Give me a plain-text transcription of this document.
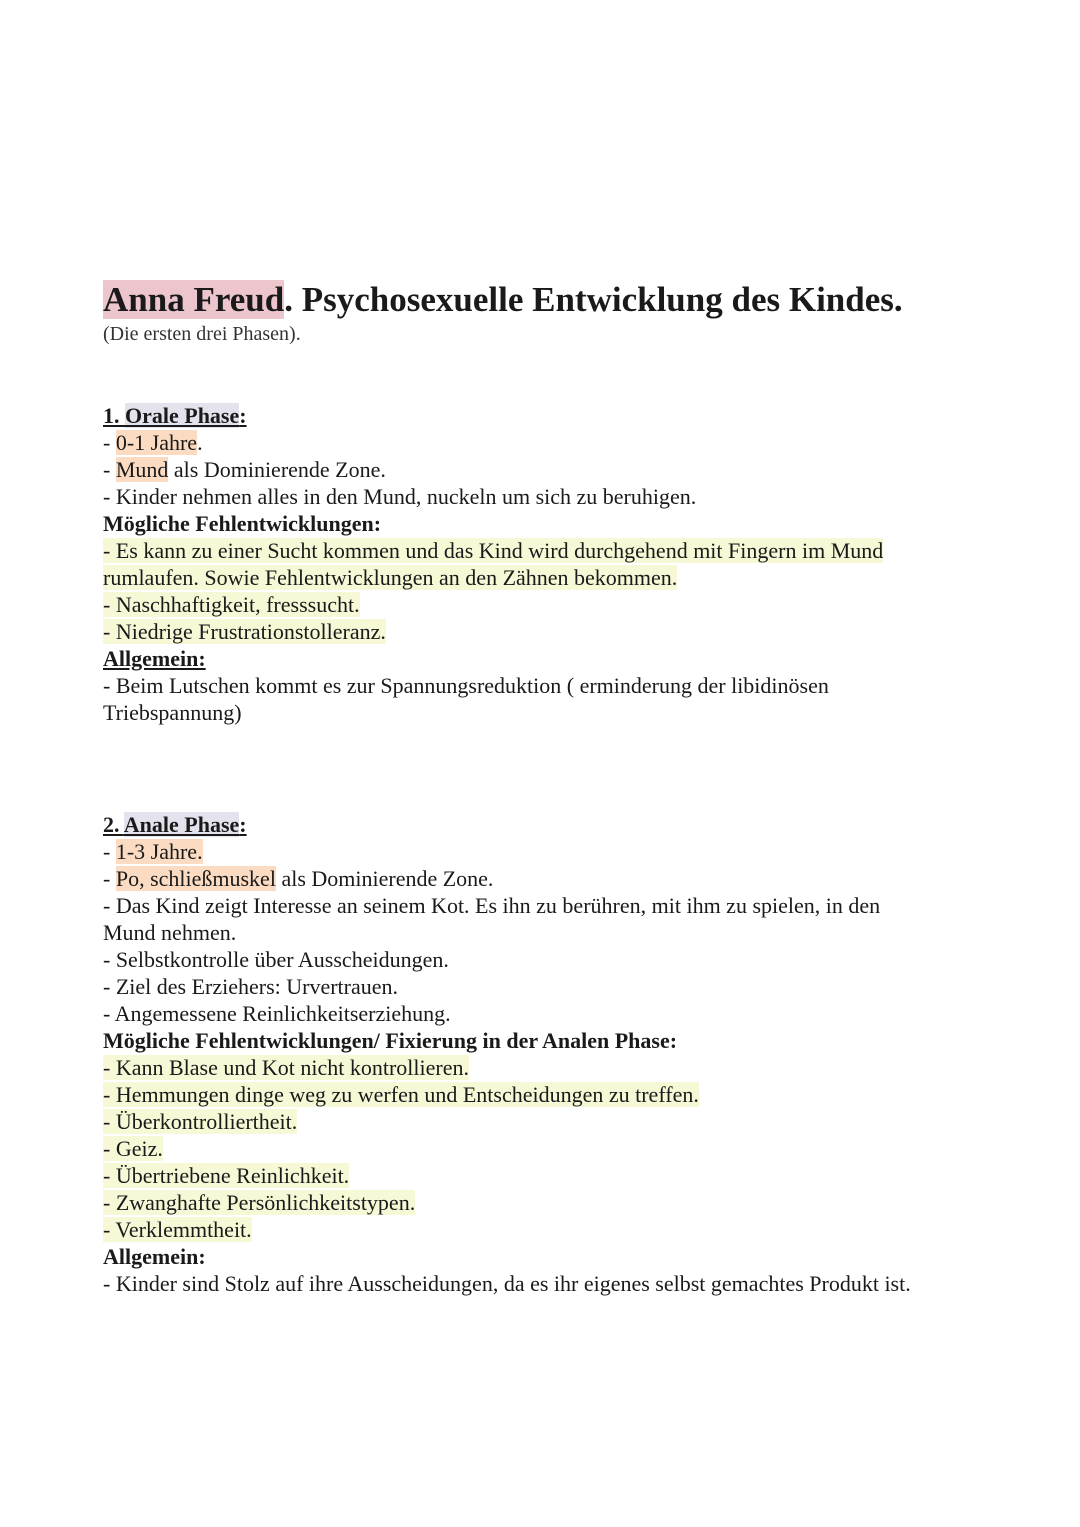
Anna Freud. Psychosexuelle Entwicklung des Kindes.

(Die ersten drei Phasen).

1. Orale Phase:

- 0-1 Jahre.

- Mund als Dominierende Zone.

- Kinder nehmen alles in den Mund, nuckeln um sich zu beruhigen.

Mögliche Fehlentwicklungen:

- Es kann zu einer Sucht kommen und das Kind wird durchgehend mit Fingern im Mund

rumlaufen. Sowie Fehlentwicklungen an den Zähnen bekommen.

- Naschhaftigkeit, fresssucht.

- Niedrige Frustrationstolleranz.

Allgemein:

- Beim Lutschen kommt es zur Spannungsreduktion ( erminderung der libidinösen

Triebspannung)

2. Anale Phase:

- 1-3 Jahre.

- Po, schließmuskel als Dominierende Zone.

- Das Kind zeigt Interesse an seinem Kot. Es ihn zu berühren, mit ihm zu spielen, in den

Mund nehmen.

- Selbstkontrolle über Ausscheidungen.

- Ziel des Erziehers: Urvertrauen.

- Angemessene Reinlichkeitserziehung.

Mögliche Fehlentwicklungen/ Fixierung in der Analen Phase:

- Kann Blase und Kot nicht kontrollieren.

- Hemmungen dinge weg zu werfen und Entscheidungen zu treffen.

- Überkontrolliertheit.

- Geiz.

- Übertriebene Reinlichkeit.

- Zwanghafte Persönlichkeitstypen.

- Verklemmtheit.

Allgemein:

- Kinder sind Stolz auf ihre Ausscheidungen, da es ihr eigenes selbst gemachtes Produkt ist.
